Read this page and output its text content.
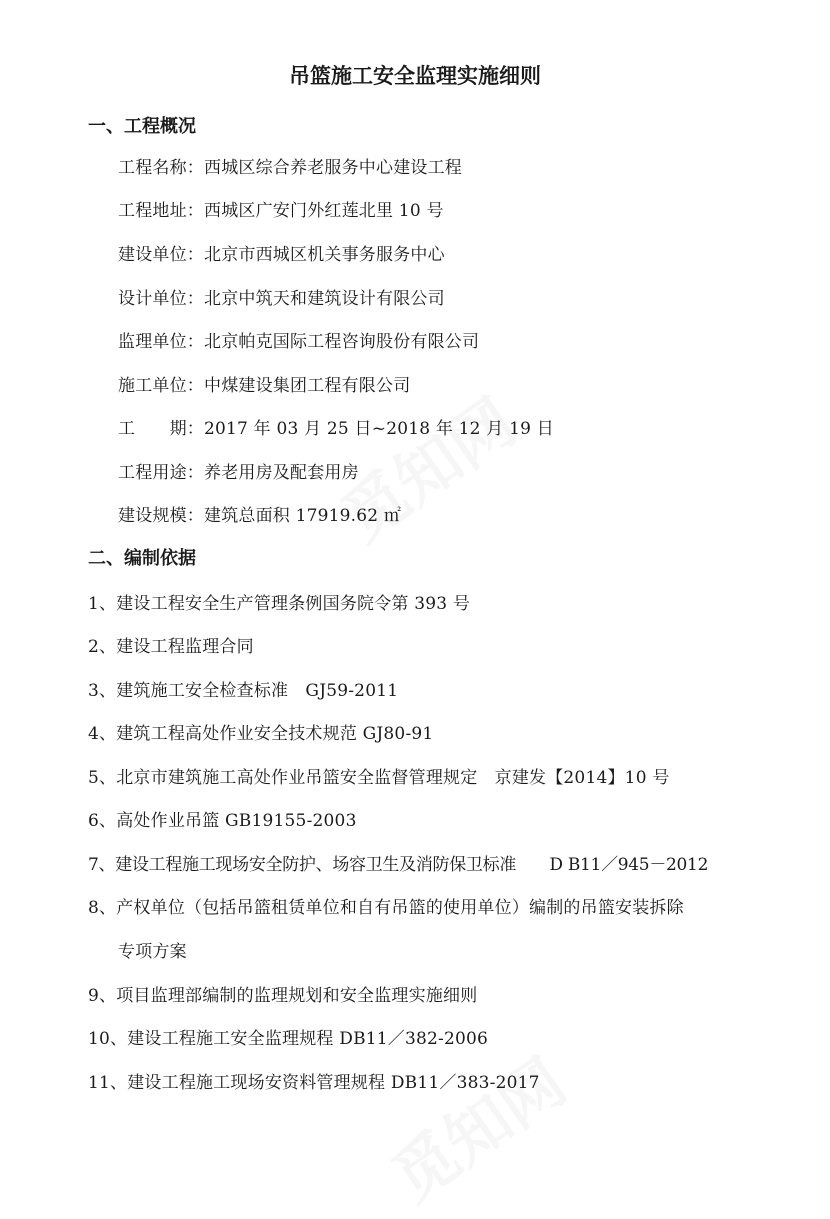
吊篮施工安全监理实施细则
一、工程概况
工程名称：西城区综合养老服务中心建设工程
工程地址：西城区广安门外红莲北里 10 号
建设单位：北京市西城区机关事务服务中心
设计单位：北京中筑天和建筑设计有限公司
监理单位：北京帕克国际工程咨询股份有限公司
施工单位：中煤建设集团工程有限公司
工　　期：2017 年 03 月 25 日~2018 年 12 月 19 日
工程用途：养老用房及配套用房
建设规模：建筑总面积 17919.62 ㎡
二、编制依据
1、建设工程安全生产管理条例国务院令第 393 号
2、建设工程监理合同
3、建筑施工安全检查标准　GJ59-2011
4、建筑工程高处作业安全技术规范 GJ80-91
5、北京市建筑施工高处作业吊篮安全监督管理规定　京建发【2014】10 号
6、高处作业吊篮 GB19155-2003
7、建设工程施工现场安全防护、场容卫生及消防保卫标准　　D B11／945－2012
8、产权单位（包括吊篮租赁单位和自有吊篮的使用单位）编制的吊篮安装拆除
专项方案
9、项目监理部编制的监理规划和安全监理实施细则
10、建设工程施工安全监理规程 DB11／382-2006
11、建设工程施工现场安资料管理规程 DB11／383-2017
